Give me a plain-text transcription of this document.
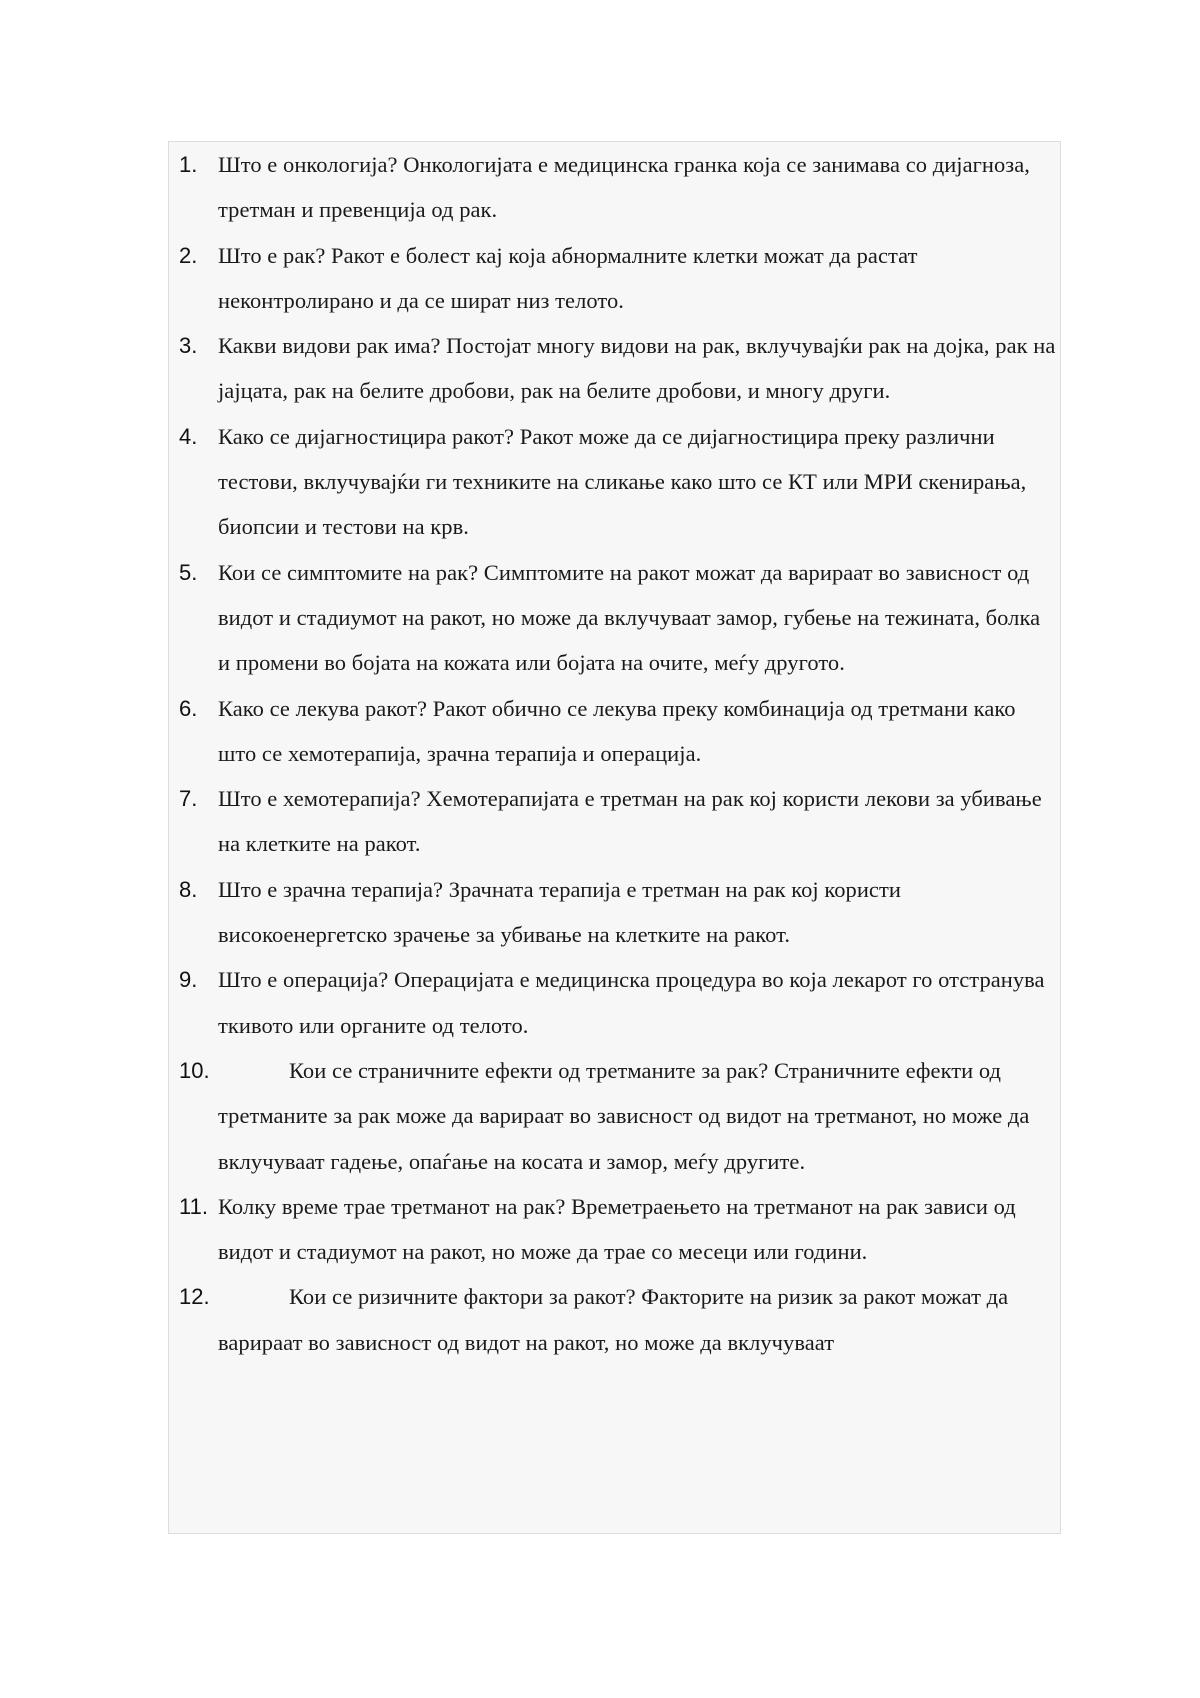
1. Што е онкологија? Онкологијата е медицинска гранка која се занимава со дијагноза, третман и превенција од рак.
2. Што е рак? Ракот е болест кај која абнормалните клетки можат да растат неконтролирано и да се шират низ телото.
3. Какви видови рак има? Постојат многу видови на рак, вклучувајќи рак на дојка, рак на јајцата, рак на белите дробови, рак на белите дробови, и многу други.
4. Како се дијагностицира ракот? Ракот може да се дијагностицира преку различни тестови, вклучувајќи ги техниките на сликање како што се КТ или МРИ скенирања, биопсии и тестови на крв.
5. Кои се симптомите на рак? Симптомите на ракот можат да варираат во зависност од видот и стадиумот на ракот, но може да вклучуваат замор, губење на тежината, болка и промени во бојата на кожата или бојата на очите, меѓу другото.
6. Како се лекува ракот? Ракот обично се лекува преку комбинација од третмани како што се хемотерапија, зрачна терапија и операција.
7. Што е хемотерапија? Хемотерапијата е третман на рак кој користи лекови за убивање на клетките на ракот.
8. Што е зрачна терапија? Зрачната терапија е третман на рак кој користи високоенергетско зрачење за убивање на клетките на ракот.
9. Што е операција? Операцијата е медицинска процедура во која лекарот го отстранува ткивото или органите од телото.
10.	Кои се страничните ефекти од третманите за рак? Страничните ефекти од третманите за рак може да варираат во зависност од видот на третманот, но може да вклучуваат гадење, опаѓање на косата и замор, меѓу другите.
11. Колку време трае третманот на рак? Времетраењето на третманот на рак зависи од видот и стадиумот на ракот, но може да трае со месеци или години.
12.	Кои се ризичните фактори за ракот? Факторите на ризик за ракот можат да варираат во зависност од видот на ракот, но може да вклучуваат
